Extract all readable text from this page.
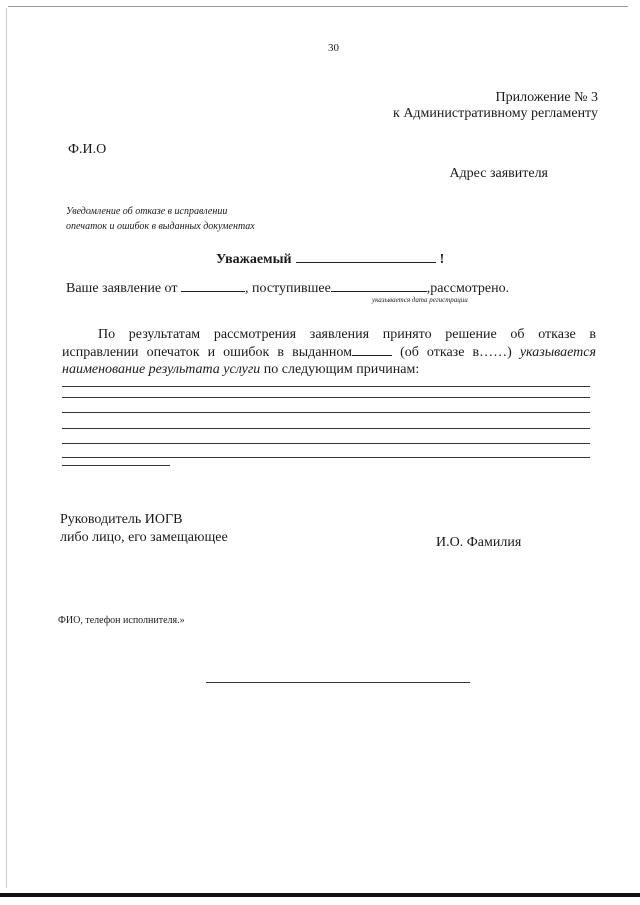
30
Приложение № 3
к Административному регламенту
Ф.И.О
Адрес заявителя
Уведомление об отказе в исправлении
опечаток и ошибок в выданных документах
Уважаемый	!
Ваше заявление от	, поступившее	,рассмотрено.
указывается дата регистрации
По результатам рассмотрения заявления принято решение об отказе в
исправлении опечаток и ошибок в выданном	(об отказе в……) указывается
наименование результата услуги по следующим причинам:
Руководитель ИОГВ
либо лицо, его замещающее	И.О. Фамилия
ФИО, телефон исполнителя.»
